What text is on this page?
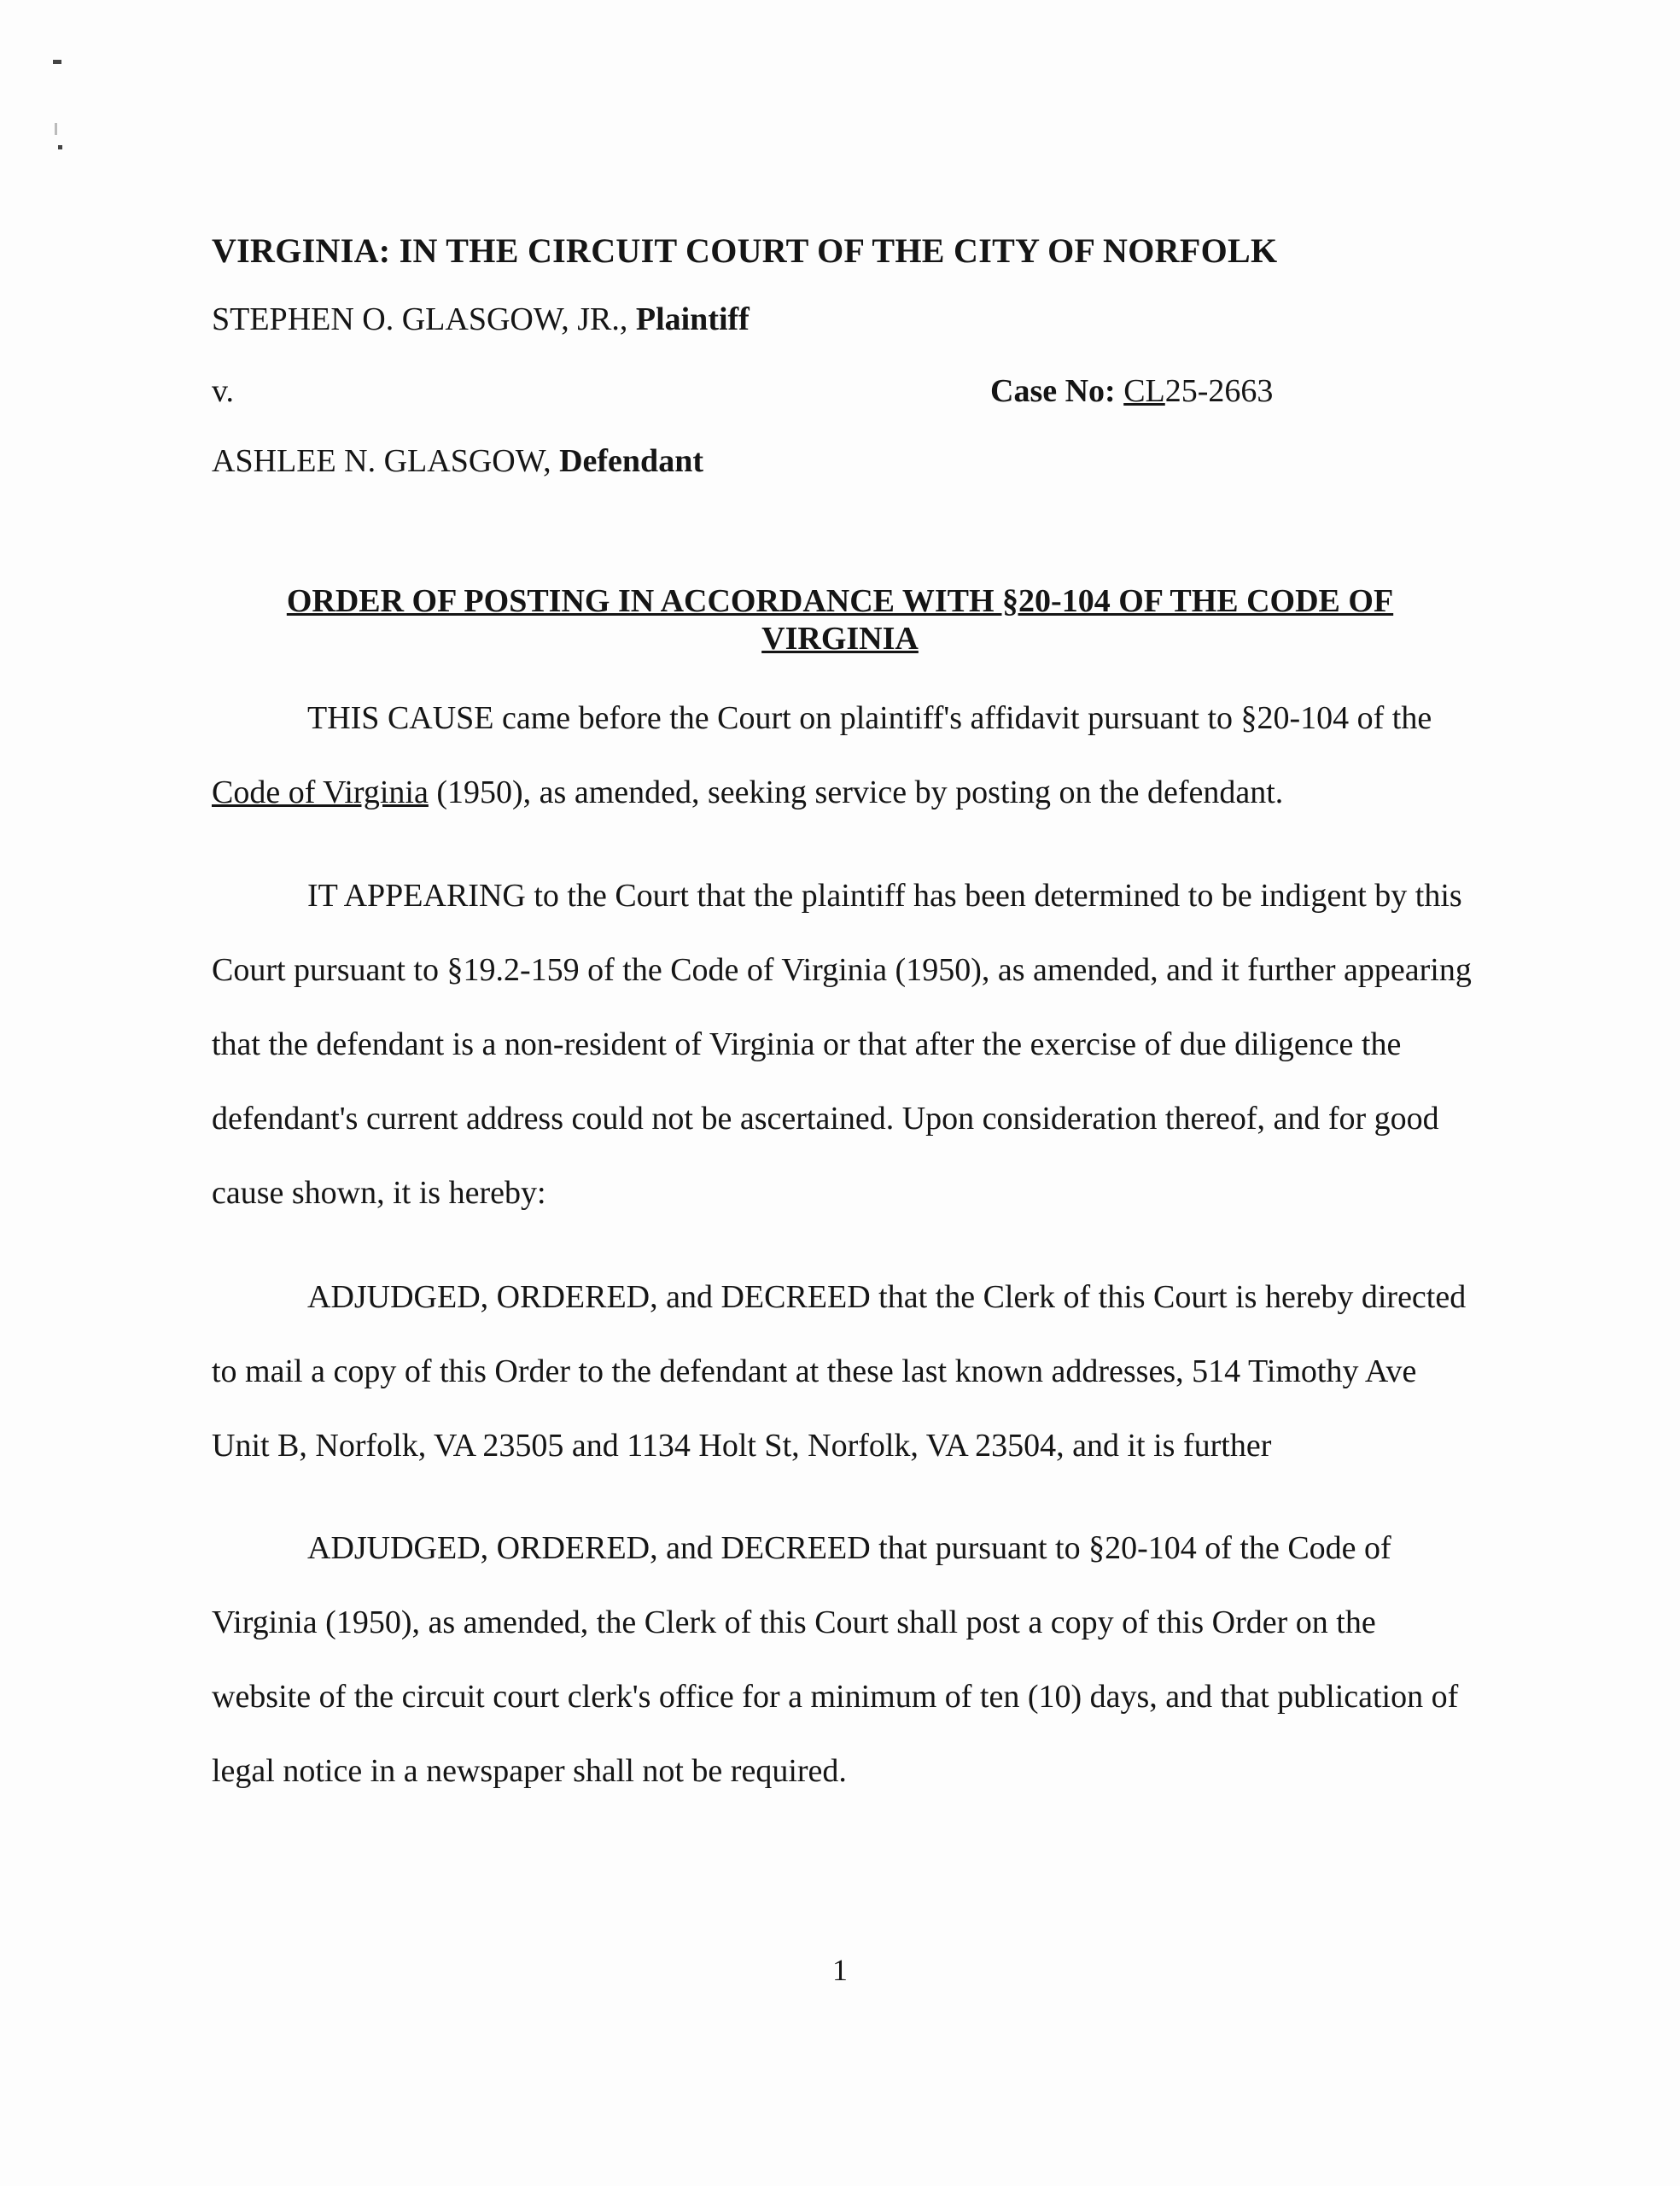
VIRGINIA: IN THE CIRCUIT COURT OF THE CITY OF NORFOLK
STEPHEN O. GLASGOW, JR., Plaintiff
v.	Case No: CL25-2663
ASHLEE N. GLASGOW, Defendant
ORDER OF POSTING IN ACCORDANCE WITH §20-104 OF THE CODE OF VIRGINIA
THIS CAUSE came before the Court on plaintiff's affidavit pursuant to §20-104 of the Code of Virginia (1950), as amended, seeking service by posting on the defendant.
IT APPEARING to the Court that the plaintiff has been determined to be indigent by this Court pursuant to §19.2-159 of the Code of Virginia (1950), as amended, and it further appearing that the defendant is a non-resident of Virginia or that after the exercise of due diligence the defendant's current address could not be ascertained. Upon consideration thereof, and for good cause shown, it is hereby:
ADJUDGED, ORDERED, and DECREED that the Clerk of this Court is hereby directed to mail a copy of this Order to the defendant at these last known addresses, 514 Timothy Ave Unit B, Norfolk, VA 23505 and 1134 Holt St, Norfolk, VA 23504, and it is further
ADJUDGED, ORDERED, and DECREED that pursuant to §20-104 of the Code of Virginia (1950), as amended, the Clerk of this Court shall post a copy of this Order on the website of the circuit court clerk's office for a minimum of ten (10) days, and that publication of legal notice in a newspaper shall not be required.
1
